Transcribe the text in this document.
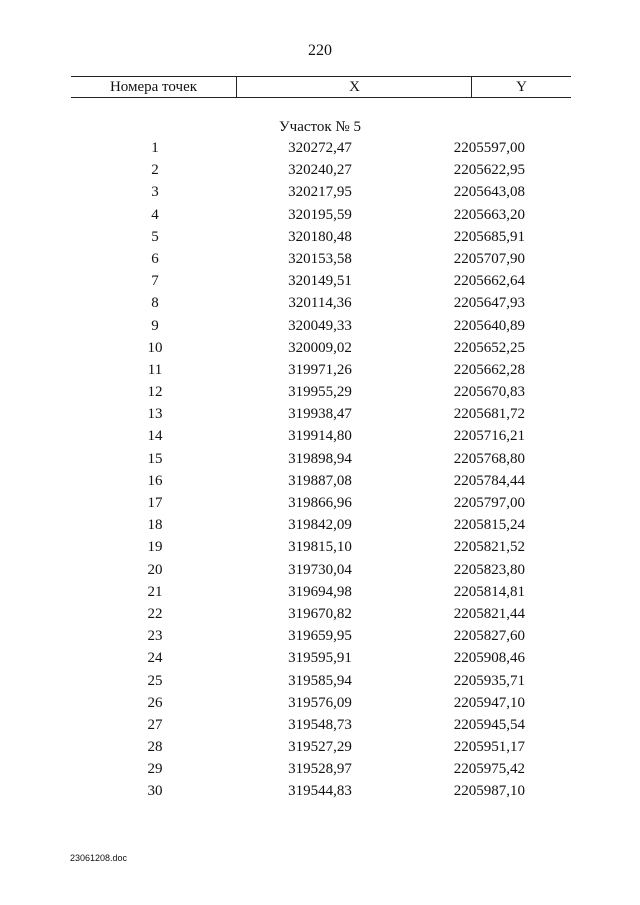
220
Номера точек	X	Y
Участок № 5
1	320272,47	2205597,00
2	320240,27	2205622,95
3	320217,95	2205643,08
4	320195,59	2205663,20
5	320180,48	2205685,91
6	320153,58	2205707,90
7	320149,51	2205662,64
8	320114,36	2205647,93
9	320049,33	2205640,89
10	320009,02	2205652,25
11	319971,26	2205662,28
12	319955,29	2205670,83
13	319938,47	2205681,72
14	319914,80	2205716,21
15	319898,94	2205768,80
16	319887,08	2205784,44
17	319866,96	2205797,00
18	319842,09	2205815,24
19	319815,10	2205821,52
20	319730,04	2205823,80
21	319694,98	2205814,81
22	319670,82	2205821,44
23	319659,95	2205827,60
24	319595,91	2205908,46
25	319585,94	2205935,71
26	319576,09	2205947,10
27	319548,73	2205945,54
28	319527,29	2205951,17
29	319528,97	2205975,42
30	319544,83	2205987,10
23061208.doc
